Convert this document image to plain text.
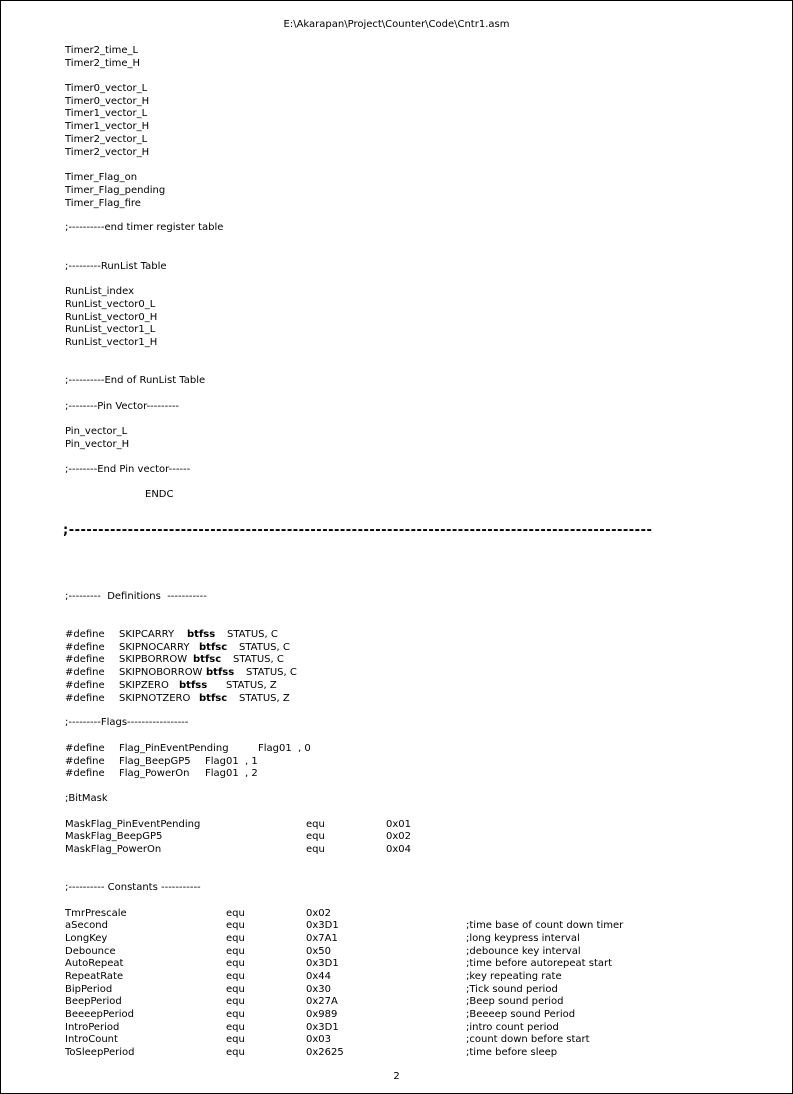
E:\Akarapan\Project\Counter\Code\Cntr1.asm
Timer2_time_L
Timer2_time_H
Timer0_vector_L
Timer0_vector_H
Timer1_vector_L
Timer1_vector_H
Timer2_vector_L
Timer2_vector_H
Timer_Flag_on
Timer_Flag_pending
Timer_Flag_fire
;----------end timer register table
;---------RunList Table
RunList_index
RunList_vector0_L
RunList_vector0_H
RunList_vector1_L
RunList_vector1_H
;----------End of RunList Table
;--------Pin Vector---------
Pin_vector_L
Pin_vector_H
;--------End Pin vector------
ENDC
;---------------------------------------------------------------------------------------------------
;---------  Definitions  -----------
#define SKIPCARRY btfss STATUS, C
#define SKIPNOCARRY btfsc STATUS, C
#define SKIPBORROW btfsc STATUS, C
#define SKIPNOBORROW btfss STATUS, C
#define SKIPZERO btfss STATUS, Z
#define SKIPNOTZERO btfsc STATUS, Z
;---------Flags-----------------
#define Flag_PinEventPending	Flag01 , 0
#define Flag_BeepGP5 Flag01 , 1
#define Flag_PowerOn Flag01 , 2
;BitMask
MaskFlag_PinEventPending	equ	0x01
MaskFlag_BeepGP5	equ	0x02
MaskFlag_PowerOn	equ	0x04
;---------- Constants -----------
TmrPrescale	equ	0x02
aSecond	equ	0x3D1	;time base of count down timer
LongKey	equ	0x7A1	;long keypress interval
Debounce	equ	0x50	;debounce key interval
AutoRepeat	equ	0x3D1	;time before autorepeat start
RepeatRate	equ	0x44	;key repeating rate
BipPeriod	equ	0x30	;Tick sound period
BeepPeriod	equ	0x27A	;Beep sound period
BeeeepPeriod	equ	0x989	;Beeeep sound Period
IntroPeriod	equ	0x3D1	;intro count period
IntroCount	equ	0x03	;count down before start
ToSleepPeriod	equ	0x2625	;time before sleep
2
